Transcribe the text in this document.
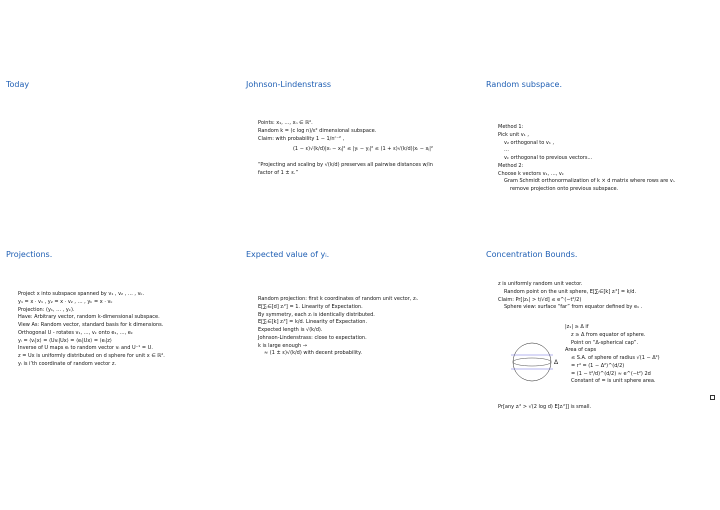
Today	Johnson-Lindenstrass
Points: x₁, …, xₙ ∈ ℝᵈ.
Random k = (c log n)/ε² dimensional subspace.
Claim: with probability 1 − 1/nᶜ⁻² ,
(1 − ε)√(k/d)|xᵢ − xⱼ|² ≤ |yᵢ − yⱼ|² ≤ (1 + ε)√(k/d)|xᵢ − xⱼ|²
“Projecting and scaling by √(k/d) preserves all pairwise distances w/in
factor of 1 ± ε.”
Random subspace.
Method 1:
Pick unit v₁ ,
v₂ orthogonal to v₁ ,
…
vₖ orthogonal to previous vectors...
Method 2:
Choose k vectors v₁, …, vₖ
Gram Schmidt orthonormalization of k × d matrix where rows are vᵢ.
remove projection onto previous subspace.
Projections.
Project x into subspace spanned by v₁ , v₂ , … , vₖ.
y₁ = x · v₁ , y₂ = x · v₂ , … , yₖ = x · vₖ
Projection: (y₁, … , yₖ).
Have: Arbitrary vector, random k-dimensional subspace.
View As: Random vector, standard basis for k dimensions.
Orthogonal U - rotates v₁, …, vₖ onto e₁, …, eₖ
yᵢ = ⟨vᵢ|x⟩ = ⟨Uvᵢ|Ux⟩ = ⟨eᵢ|Ux⟩ = ⟨eᵢ|z⟩
Inverse of U maps eᵢ to random vector vᵢ and U⁻¹ = U.
z = Ux is uniformly distributed on d sphere for unit x ∈ ℝᵈ.
yᵢ is i’th coordinate of random vector z.
Expected value of yᵢ.
Random projection: first k coordinates of random unit vector, zᵢ.
E[∑ᵢ∈[d] zᵢ²] = 1. Linearity of Expectation.
By symmetry, each zᵢ is identically distributed.
E[∑ᵢ∈[k] zᵢ²] = k/d. Linearity of Expectation.
Expected length is √(k/d).
Johnson-Lindenstrass: close to expectation.
k is large enough →
≈ (1 ± ε)√(k/d) with decent probability.
Concentration Bounds.
z is uniformly random unit vector.
Random point on the unit sphere, E[∑ᵢ∈[k] zᵢ²] = k/d.
Claim: Pr[|z₁| > t/√d] ≤ e^(−t²/2)
Sphere view: surface “far” from equator defined by e₁ .
Δ
|z₁| ≥ Δ if
z ≥ Δ from equator of sphere.
Point on “Δ-spherical cap”.
Area of caps
≤ S.A. of sphere of radius √(1 − Δ²)
= rᵈ = (1 − Δ²)^(d/2)
= (1 − t²/d)^(d/2) ≈ e^(−t²) 2d
Constant of = is unit sphere area.
Pr[any zᵢ² > √(2 log d) E[zᵢ²]] is small.
